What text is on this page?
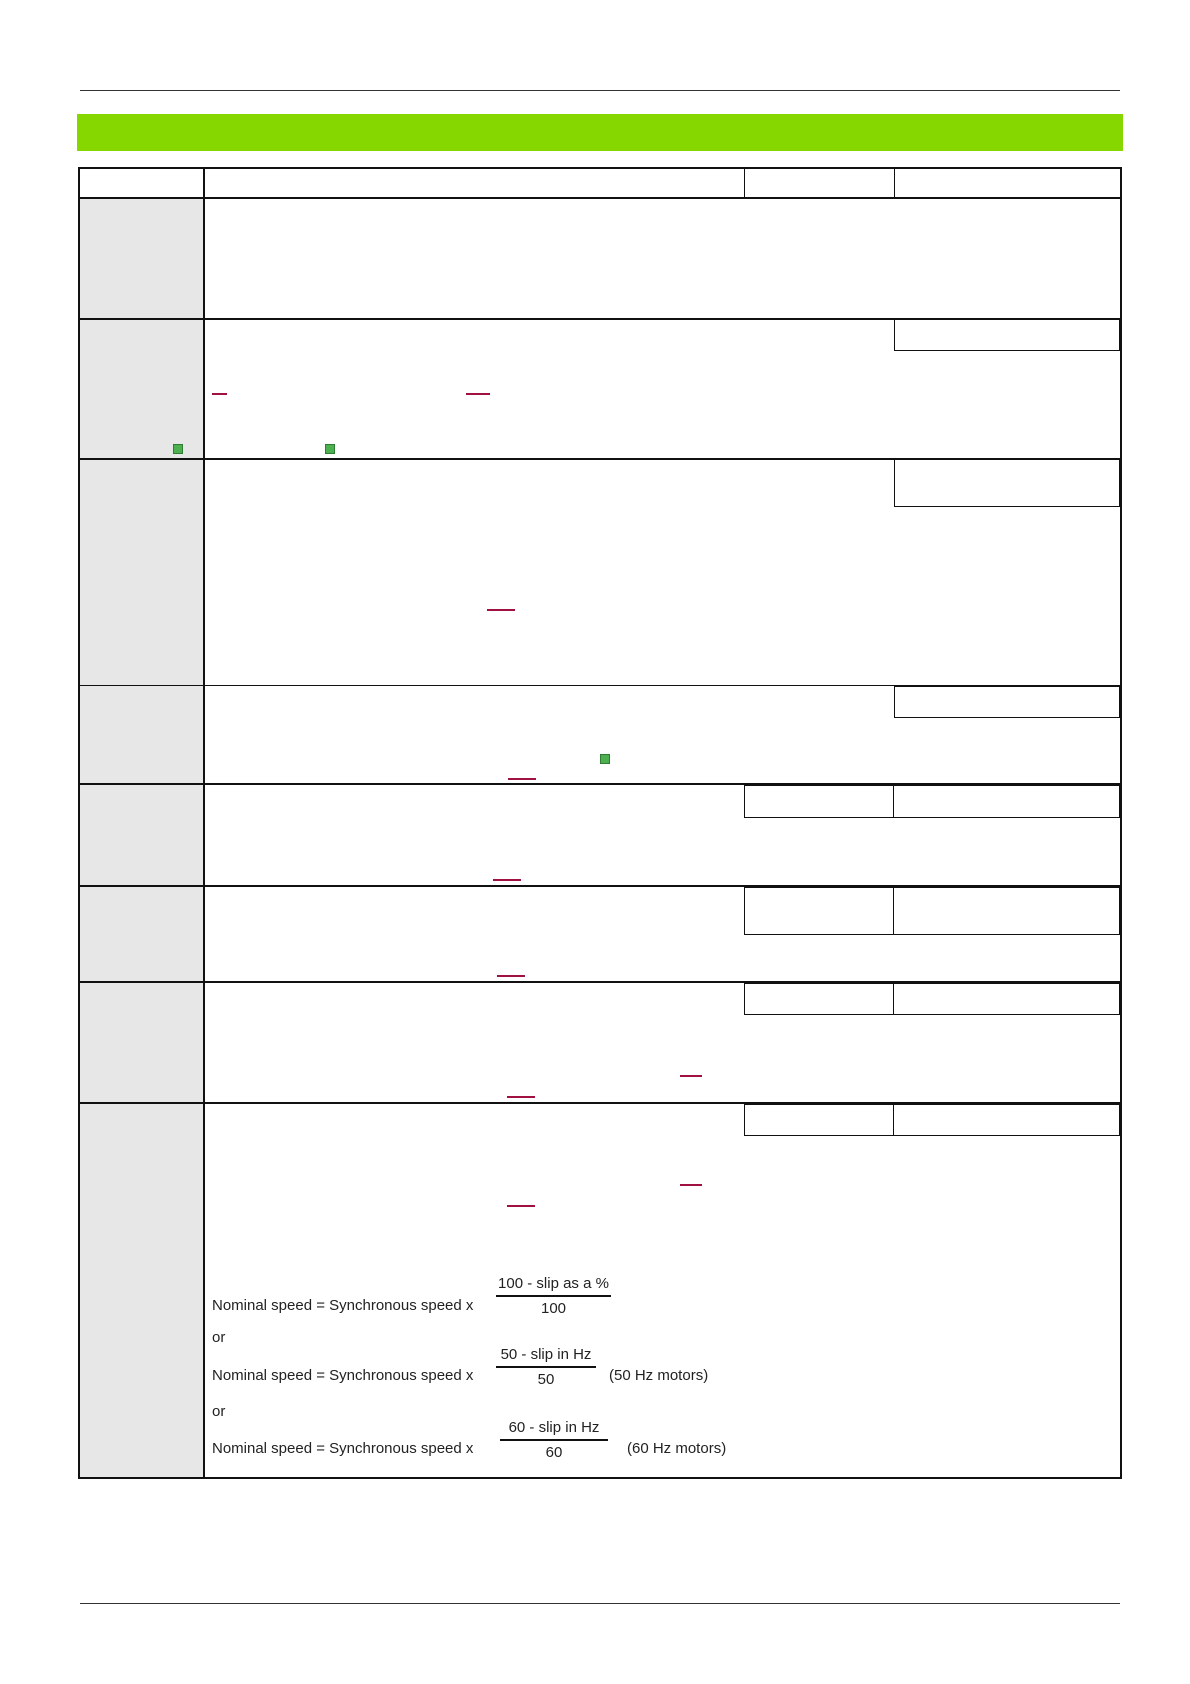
Nominal speed = Synchronous speed x
100 - slip as a %
100
or
Nominal speed = Synchronous speed x
50 - slip in Hz
50	(50 Hz motors)
or
Nominal speed = Synchronous speed x
60 - slip in Hz
60	(60 Hz motors)
